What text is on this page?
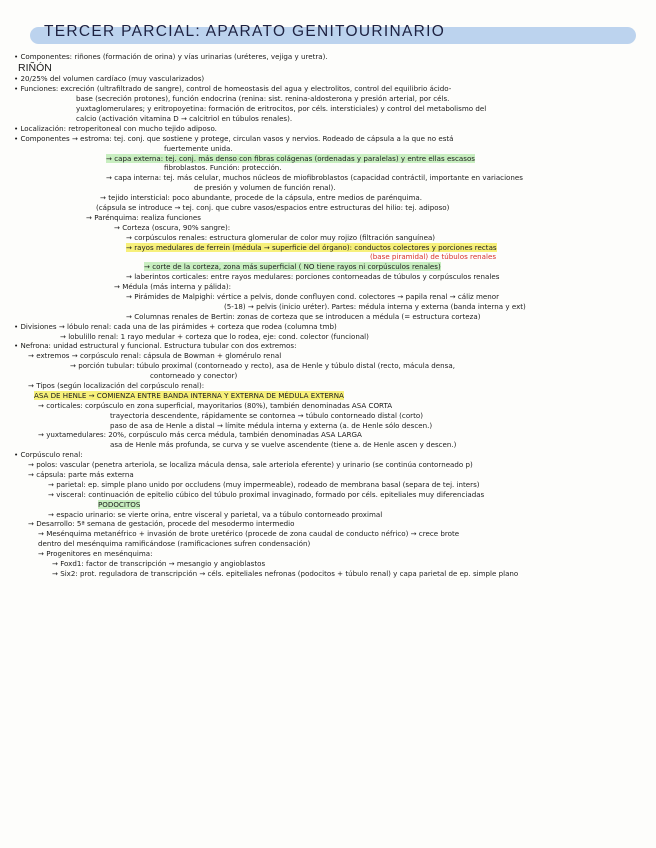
TERCER PARCIAL: APARATO GENITOURINARIO
• Componentes: riñones (formación de orina) y vías urinarias (uréteres, vejiga y uretra).
RIÑÓN
• 20/25% del volumen cardíaco (muy vascularizados)
• Funciones: excreción (ultrafiltrado de sangre), control de homeostasis del agua y electrolitos, control del equilibrio ácido-
base (secreción protones), función endocrina (renina: sist. renina-aldosterona y presión arterial, por céls.
yuxtaglomerulares; y eritropoyetina: formación de eritrocitos, por céls. intersticiales) y control del metabolismo del
calcio (activación vitamina D → calcitriol en túbulos renales).
• Localización: retroperitoneal con mucho tejido adiposo.
• Componentes → estroma: tej. conj. que sostiene y protege, circulan vasos y nervios. Rodeado de cápsula a la que no está
fuertemente unida.
→ capa externa: tej. conj. más denso con fibras colágenas (ordenadas y paralelas) y entre ellas escasos
fibroblastos. Función: protección.
→ capa interna: tej. más celular, muchos núcleos de miofibroblastos (capacidad contráctil, importante en variaciones
de presión y volumen de función renal).
→ tejido intersticial: poco abundante, procede de la cápsula, entre medios de parénquima.
(cápsula se introduce → tej. conj. que cubre vasos/espacios entre estructuras del hilio: tej. adiposo)
→ Parénquima: realiza funciones
→ Corteza (oscura, 90% sangre):
→ corpúsculos renales: estructura glomerular de color muy rojizo (filtración sanguínea)
→ rayos medulares de ferrein (médula → superficie del órgano): conductos colectores y porciones rectas
(base piramidal) de túbulos renales
→ corte de la corteza, zona más superficial ( NO tiene rayos ni corpúsculos renales)
→ laberintos corticales: entre rayos medulares: porciones contorneadas de túbulos y corpúsculos renales
→ Médula (más interna y pálida):
→ Pirámides de Malpighi: vértice a pelvis, donde confluyen cond. colectores → papila renal → cáliz menor
(5-18) → pelvis (inicio uréter). Partes: médula interna y externa (banda interna y ext)
→ Columnas renales de Bertin: zonas de corteza que se introducen a médula (= estructura corteza)
• Divisiones → lóbulo renal: cada una de las pirámides + corteza que rodea (columna tmb)
→ lobulillo renal: 1 rayo medular + corteza que lo rodea, eje: cond. colector (funcional)
• Nefrona: unidad estructural y funcional. Estructura tubular con dos extremos:
→ extremos → corpúsculo renal: cápsula de Bowman + glomérulo renal
→ porción tubular: túbulo proximal (contorneado y recto), asa de Henle y túbulo distal (recto, mácula densa,
contorneado y conector)
→ Tipos (según localización del corpúsculo renal):
ASA DE HENLE → COMIENZA ENTRE BANDA INTERNA Y EXTERNA DE MÉDULA EXTERNA
→ corticales: corpúsculo en zona superficial, mayoritarios (80%), también denominadas ASA CORTA
trayectoria descendente, rápidamente se contornea → túbulo contorneado distal (corto)
paso de asa de Henle a distal → límite médula interna y externa (a. de Henle sólo descen.)
→ yuxtamedulares: 20%, corpúsculo más cerca médula, también denominadas ASA LARGA
asa de Henle más profunda, se curva y se vuelve ascendente (tiene a. de Henle ascen y descen.)
• Corpúsculo renal:
→ polos: vascular (penetra arteriola, se localiza mácula densa, sale arteriola eferente) y urinario (se continúa contorneado p)
→ cápsula: parte más externa
→ parietal: ep. simple plano unido por occludens (muy impermeable), rodeado de membrana basal (separa de tej. inters)
→ visceral: continuación de epitelio cúbico del túbulo proximal invaginado, formado por céls. epiteliales muy diferenciadas
PODOCITOS
→ espacio urinario: se vierte orina, entre visceral y parietal, va a túbulo contorneado proximal
→ Desarrollo: 5ª semana de gestación, procede del mesodermo intermedio
→ Mesénquima metanéfrico + invasión de brote uretérico (procede de zona caudal de conducto néfrico) → crece brote
dentro del mesénquima ramificándose (ramificaciones sufren condensación)
→ Progenitores en mesénquima:
→ Foxd1: factor de transcripción → mesangio y angioblastos
→ Six2: prot. reguladora de transcripción → céls. epiteliales nefronas (podocitos + túbulo renal) y capa parietal de ep. simple plano
